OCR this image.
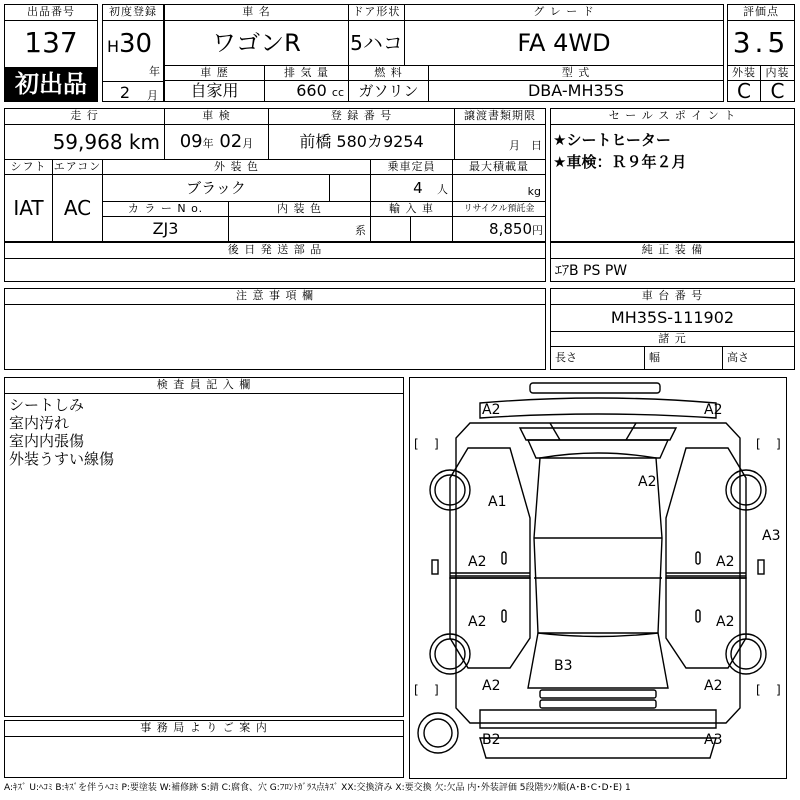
出品番号
137
初出品
初度登録
H 30
年
2	月
車 名
ワゴンR
ドア形状
5ハコ
グ レ ー ド
FA 4WD
車 歴
自家用
排 気 量
660 cc
燃 料
ガソリン
型 式
DBA-MH35S
評価点
3.5
外装 内装
C C
走 行	車 検	登 録 番 号	譲渡書類期限
59,968 km	09年 02月	前橋 580カ9254	月 日
シフト エアコン
IAT	AC
外 装 色
ブラック
乗車定員
4 人
最大積載量
kg
カ ラ ー N o.
ZJ3
内 装 色
系
輸 入 車	リサイクル預託金
8,850円
後 日 発 送 部 品
セ ー ル ス ポ イ ン ト
★シートヒーター
★車検：Ｒ９年２月
純 正 装 備
ｴｱB PS PW
注 意 事 項 欄	車 台 番 号
MH35S-111902
諸 元
長さ	幅	高さ
検 査 員 記 入 欄
シートしみ
室内汚れ
室内内張傷
外装うすい線傷
事 務 局 よ り ご 案 内
[ ]	[ ]
[ ]	[ ]
A2	A2
A2
A1
A3
A2	A2
A2	A2
B3
A2	A2
B2	A3
A:ｷｽﾞ U:ﾍｺﾐ B:ｷｽﾞを伴うﾍｺﾐ P:要塗装 W:補修跡 S:錆 C:腐食、穴 G:ﾌﾛﾝﾄｶﾞﾗｽ点ｷｽﾞ XX:交換済み X:要交換 欠:欠品 内･外装評価 5段階ﾗﾝｸ順(A･B･C･D･E) 1
